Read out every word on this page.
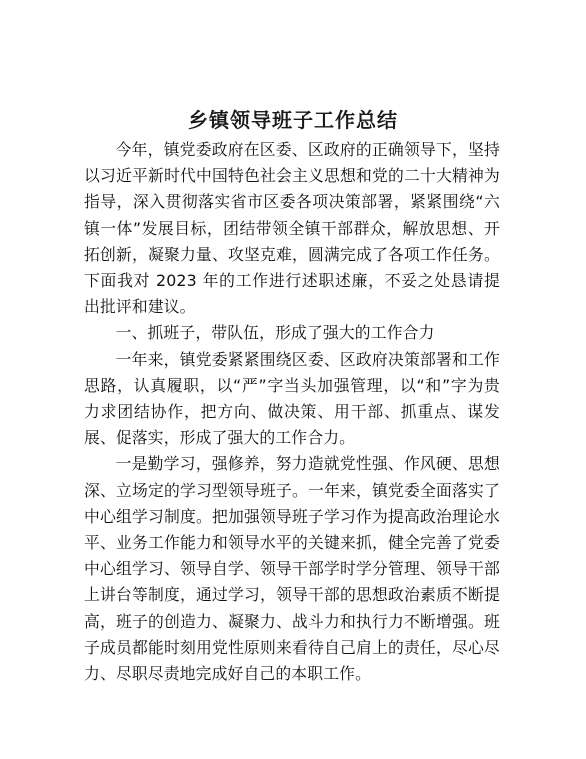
乡镇领导班子工作总结

今年，镇党委政府在区委、区政府的正确领导下，坚持以习近平新时代中国特色社会主义思想和党的二十大精神为指导，深入贯彻落实省市区委各项决策部署，紧紧围绕“六镇一体”发展目标，团结带领全镇干部群众，解放思想、开拓创新，凝聚力量、攻坚克难，圆满完成了各项工作任务。下面我对 2023 年的工作进行述职述廉，不妥之处恳请提出批评和建议。

一、抓班子，带队伍，形成了强大的工作合力

一年来，镇党委紧紧围绕区委、区政府决策部署和工作思路，认真履职，以“严”字当头加强管理，以“和”字为贵力求团结协作，把方向、做决策、用干部、抓重点、谋发展、促落实，形成了强大的工作合力。

一是勤学习，强修养，努力造就党性强、作风硬、思想深、立场定的学习型领导班子。一年来，镇党委全面落实了中心组学习制度。把加强领导班子学习作为提高政治理论水平、业务工作能力和领导水平的关键来抓，健全完善了党委中心组学习、领导自学、领导干部学时学分管理、领导干部上讲台等制度，通过学习，领导干部的思想政治素质不断提高，班子的创造力、凝聚力、战斗力和执行力不断增强。班子成员都能时刻用党性原则来看待自己肩上的责任，尽心尽力、尽职尽责地完成好自己的本职工作。
